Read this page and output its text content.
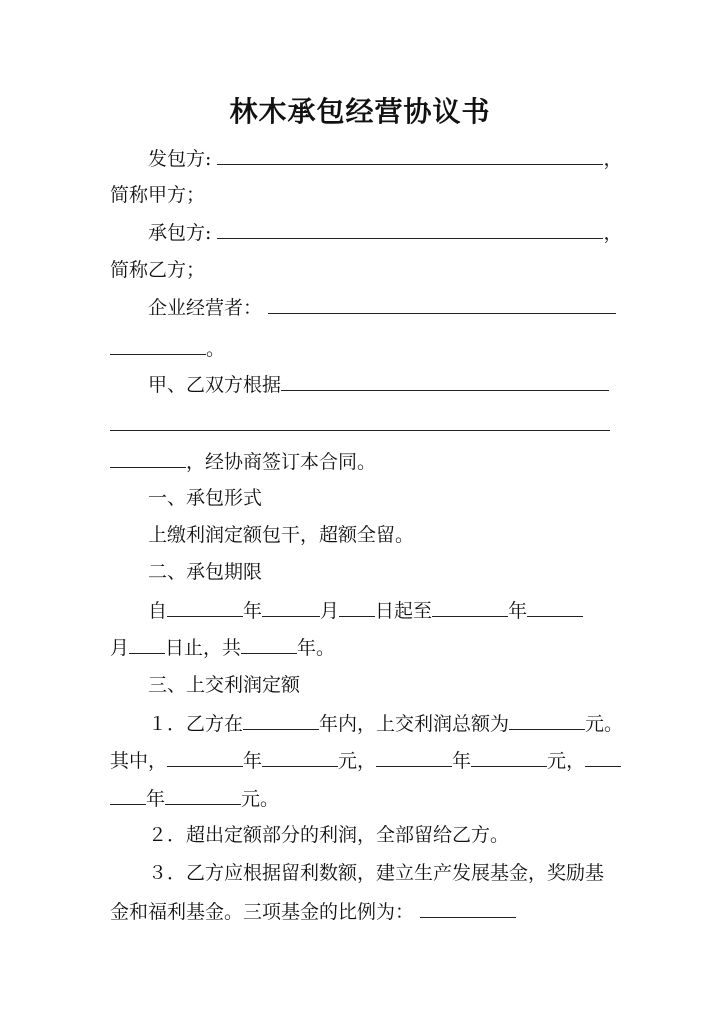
林木承包经营协议书
发包方:	，
简称甲方；
承包方:	，
简称乙方；
企业经营者：
。
甲、乙双方根据
，经协商签订本合同。
一、承包形式
上缴利润定额包干，超额全留。
二、承包期限
自	年	月 日起至	年
月 日止，共	年。
三、上交利润定额
１．乙方在	年内，上交利润总额为	元。
其中，	年	元，	年	元，
年	元。
２．超出定额部分的利润，全部留给乙方。
３．乙方应根据留利数额，建立生产发展基金，奖励基
金和福利基金。三项基金的比例为：
